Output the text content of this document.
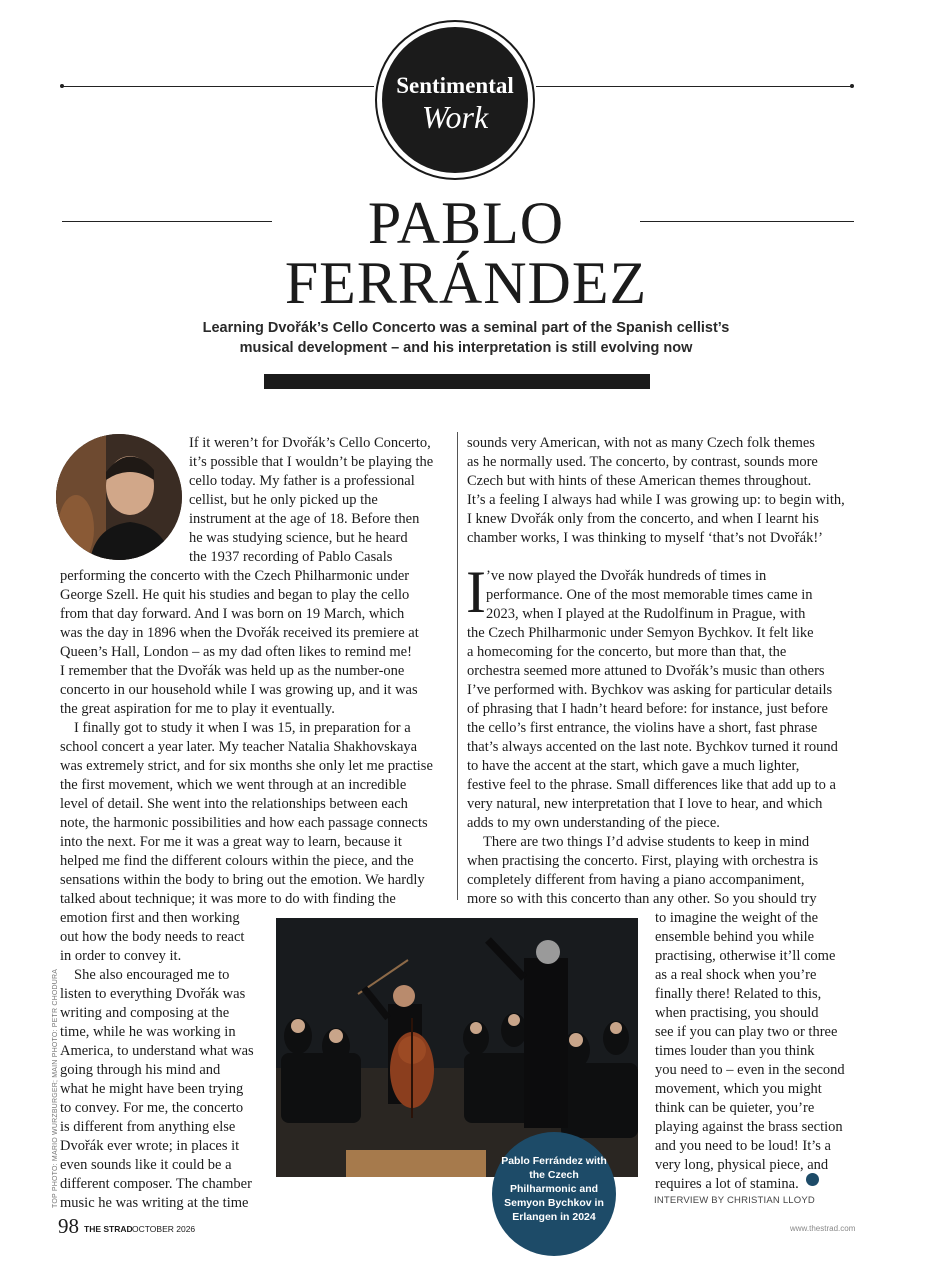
Sentimental
Work
PABLO
FERRÁNDEZ
Learning Dvořák’s Cello Concerto was a seminal part of the Spanish cellist’s
musical development – and his interpretation is still evolving now
If it weren’t for Dvořák’s Cello Concerto,
it’s possible that I wouldn’t be playing the
cello today. My father is a professional
cellist, but he only picked up the
instrument at the age of 18. Before then
he was studying science, but he heard
the 1937 recording of Pablo Casals
performing the concerto with the Czech Philharmonic under
George Szell. He quit his studies and began to play the cello
from that day forward. And I was born on 19 March, which
was the day in 1896 when the Dvořák received its premiere at
Queen’s Hall, London – as my dad often likes to remind me!
I remember that the Dvořák was held up as the number-one
concerto in our household while I was growing up, and it was
the great aspiration for me to play it eventually.
I finally got to study it when I was 15, in preparation for a
school concert a year later. My teacher Natalia Shakhovskaya
was extremely strict, and for six months she only let me practise
the first movement, which we went through at an incredible
level of detail. She went into the relationships between each
note, the harmonic possibilities and how each passage connects
into the next. For me it was a great way to learn, because it
helped me find the different colours within the piece, and the
sensations within the body to bring out the emotion. We hardly
talked about technique; it was more to do with finding the
emotion first and then working
out how the body needs to react
in order to convey it.
She also encouraged me to
listen to everything Dvořák was
writing and composing at the
time, while he was working in
America, to understand what was
going through his mind and
what he might have been trying
to convey. For me, the concerto
is different from anything else
Dvořák ever wrote; in places it
even sounds like it could be a
different composer. The chamber
music he was writing at the time
sounds very American, with not as many Czech folk themes
as he normally used. The concerto, by contrast, sounds more
Czech but with hints of these American themes throughout.
It’s a feeling I always had while I was growing up: to begin with,
I knew Dvořák only from the concerto, and when I learnt his
chamber works, I was thinking to myself ‘that’s not Dvořák!’
’ve now played the Dvořák hundreds of times in
performance. One of the most memorable times came in
2023, when I played at the Rudolfinum in Prague, with
the Czech Philharmonic under Semyon Bychkov. It felt like
a homecoming for the concerto, but more than that, the
orchestra seemed more attuned to Dvořák’s music than others
I’ve performed with. Bychkov was asking for particular details
of phrasing that I hadn’t heard before: for instance, just before
the cello’s first entrance, the violins have a short, fast phrase
that’s always accented on the last note. Bychkov turned it round
to have the accent at the start, which gave a much lighter,
festive feel to the phrase. Small differences like that add up to a
very natural, new interpretation that I love to hear, and which
adds to my own understanding of the piece.
There are two things I’d advise students to keep in mind
when practising the concerto. First, playing with orchestra is
completely different from having a piano accompaniment,
more so with this concerto than any other. So you should try
to imagine the weight of the
ensemble behind you while
practising, otherwise it’ll come
as a real shock when you’re
finally there! Related to this,
when practising, you should
see if you can play two or three
times louder than you think
you need to – even in the second
movement, which you might
think can be quieter, you’re
playing against the brass section
and you need to be loud! It’s a
very long, physical piece, and
requires a lot of stamina.
I
Pablo Ferrández with the Czech Philharmonic and Semyon Bychkov in Erlangen in 2024
INTERVIEW BY CHRISTIAN LLOYD
TOP PHOTO: MARIO WURZBURGER; MAIN PHOTO: PETR CHODURA
98 THE STRAD OCTOBER 2026	www.thestrad.com
